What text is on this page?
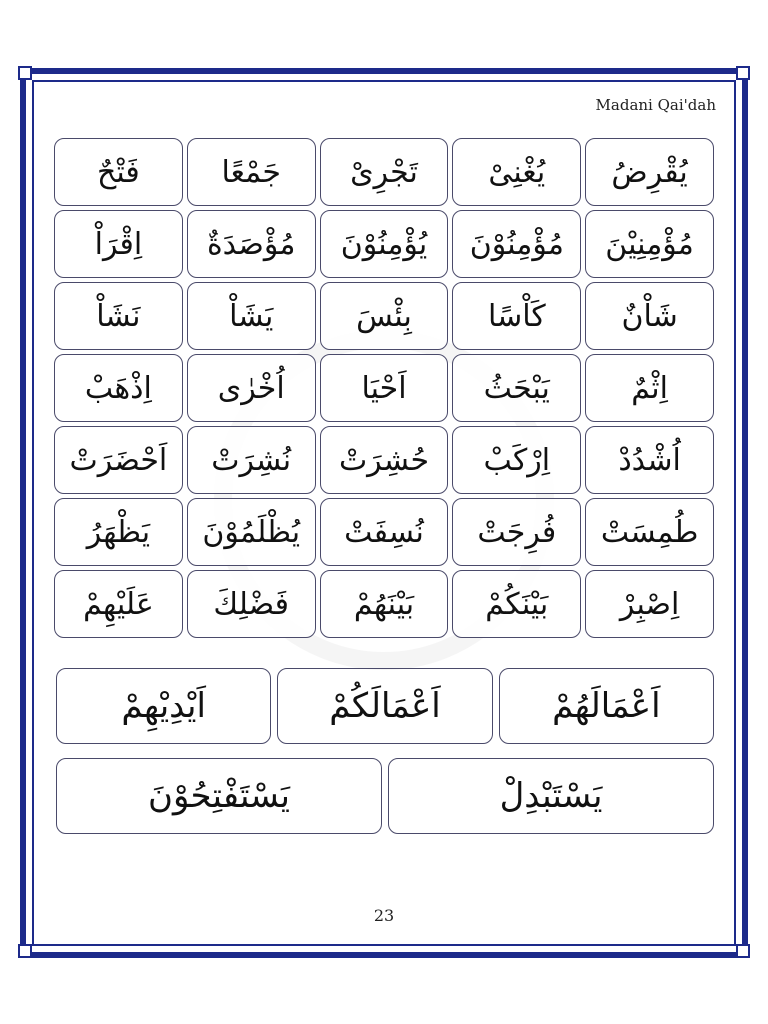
Madani Qai'dah
فَتْحٌ	جَمْعًا	تَجْرِىْ	يُغْنِىْ	يُقْرِضُ
اِقْرَاْ	مُؤْصَدَةٌ	يُؤْمِنُوْنَ	مُؤْمِنُوْنَ	مُؤْمِنِيْنَ
نَشَاْ	يَشَاْ	بِئْسَ	كَاْسًا	شَاْنٌ
اِذْهَبْ	اُخْرٰى	اَحْيَا	يَبْحَثُ	اِثْمٌ
اَحْضَرَتْ	نُشِرَتْ	حُشِرَتْ	اِرْكَبْ	اُشْدُدْ
يَظْهَرُ	يُظْلَمُوْنَ	نُسِفَتْ	فُرِجَتْ	طُمِسَتْ
عَلَيْهِمْ	فَضْلِكَ	بَيْنَهُمْ	بَيْنَكُمْ	اِصْبِرْ
اَيْدِيْهِمْ	اَعْمَالَكُمْ	اَعْمَالَهُمْ
يَسْتَفْتِحُوْنَ	يَسْتَبْدِلْ
23
